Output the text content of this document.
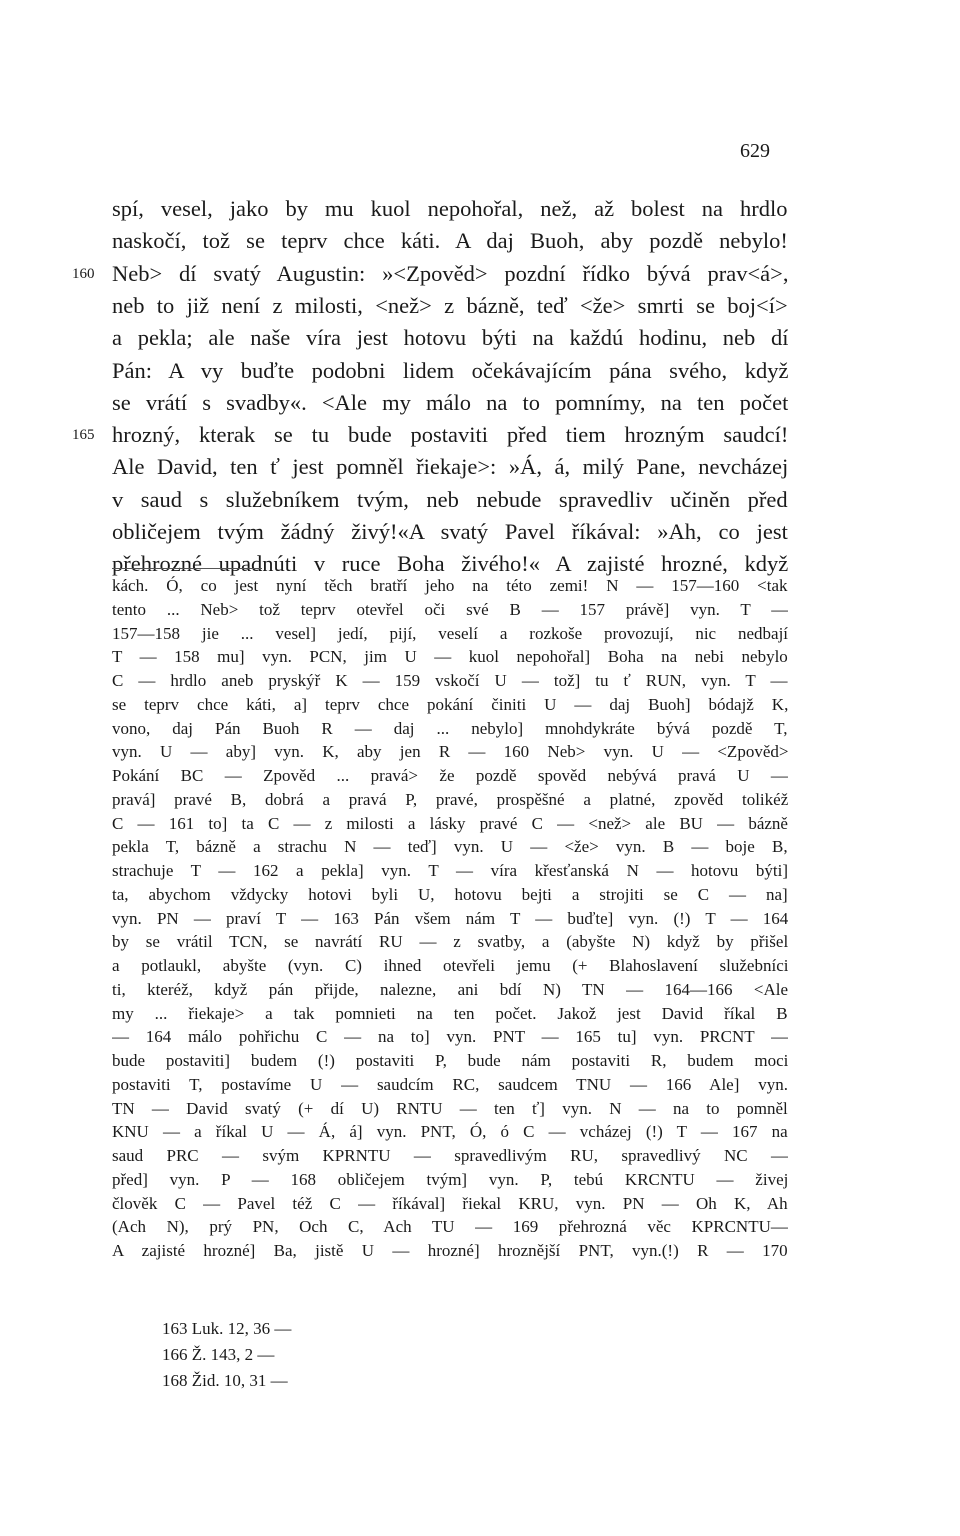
629
spí, vesel, jako by mu kuol nepohořal, než, až bolest na hrdlo
naskočí, tož se teprv chce káti. A daj Buoh, aby pozdě nebylo!
Neb> dí svatý Augustin: »<Zpověd> pozdní řídko bývá prav<á>,
neb to již není z milosti, <než> z bázně, teď <že> smrti se boj<í>
a pekla; ale naše víra jest hotovu býti na každú hodinu, neb dí
Pán: A vy buďte podobni lidem očekávajícím pána svého, když
se vrátí s svadby«. <Ale my málo na to pomnímy, na ten počet
hrozný, kterak se tu bude postaviti před tiem hrozným saudcí!
Ale David, ten ť jest pomněl řiekaje>: »Á, á, milý Pane, nevcházej
v saud s služebníkem tvým, neb nebude spravedliv učiněn před
obličejem tvým žádný živý!«A svatý Pavel říkával: »Ah, co jest
přehrozné upadnúti v ruce Boha živého!« A zajisté hrozné, když
160
165
kách. Ó, co jest nyní těch bratří jeho na této zemi! N — 157—160 <tak
tento ... Neb> tož teprv otevřel oči své B — 157 právě] vyn. T —
157—158 jie ... vesel] jedí, pijí, veselí a rozkoše provozují, nic nedbají
T — 158 mu] vyn. PCN, jim U — kuol nepohořal] Boha na nebi nebylo
C — hrdlo aneb pryskýř K — 159 vskočí U — tož] tu ť RUN, vyn. T —
se teprv chce káti, a] teprv chce pokání činiti U — daj Buoh] bódajž K,
vono, daj Pán Buoh R — daj ... nebylo] mnohdykráte bývá pozdě T,
vyn. U — aby] vyn. K, aby jen R — 160 Neb> vyn. U — <Zpověd>
Pokání BC — Zpověd ... pravá> že pozdě spověd nebývá pravá U —
pravá] pravé B, dobrá a pravá P, pravé, prospěšné a platné, zpověd tolikéž
C — 161 to] ta C — z milosti a lásky pravé C — <než> ale BU — bázně
pekla T, bázně a strachu N — teď] vyn. U — <že> vyn. B — boje B,
strachuje T — 162 a pekla] vyn. T — víra křesťanská N — hotovu býti]
ta, abychom vždycky hotovi byli U, hotovu bejti a strojiti se C — na]
vyn. PN — praví T — 163 Pán všem nám T — buďte] vyn. (!) T — 164
by se vrátil TCN, se navrátí RU — z svatby, a (abyšte N) když by přišel
a potlaukl, abyšte (vyn. C) ihned otevřeli jemu (+ Blahoslavení služebníci
ti, kteréž, když pán přijde, nalezne, ani bdí N) TN — 164—166 <Ale
my ... řiekaje> a tak pomnieti na ten počet. Jakož jest David říkal B
— 164 málo pohřichu C — na to] vyn. PNT — 165 tu] vyn. PRCNT —
bude postaviti] budem (!) postaviti P, bude nám postaviti R, budem moci
postaviti T, postavíme U — saudcím RC, saudcem TNU — 166 Ale] vyn.
TN — David svatý (+ dí U) RNTU — ten ť] vyn. N — na to pomněl
KNU — a říkal U — Á, á] vyn. PNT, Ó, ó C — vcházej (!) T — 167 na
saud PRC — svým KPRNTU — spravedlivým RU, spravedlivý NC —
před] vyn. P — 168 obličejem tvým] vyn. P, tebú KRCNTU — živej
člověk C — Pavel též C — říkával] řiekal KRU, vyn. PN — Oh K, Ah
(Ach N), prý PN, Och C, Ach TU — 169 přehrozná věc KPRCNTU—
A zajisté hrozné] Ba, jistě U — hrozné] hroznější PNT, vyn.(!) R — 170
163 Luk. 12, 36 —
166 Ž. 143, 2 —
168 Žid. 10, 31 —
